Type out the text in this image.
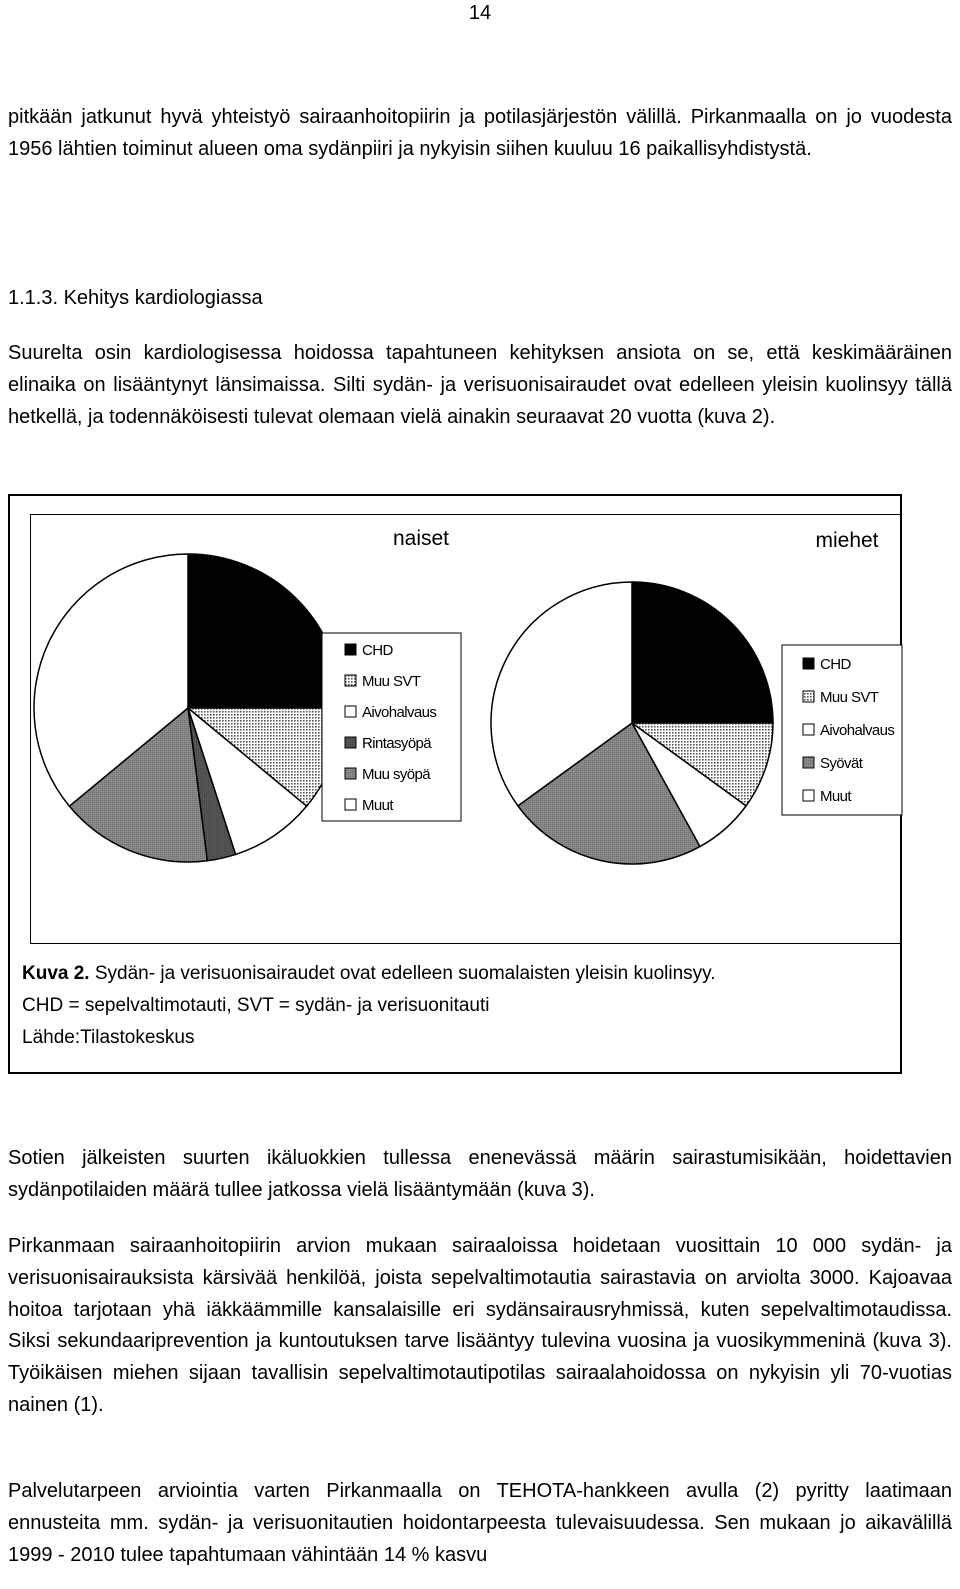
14
pitkään jatkunut hyvä yhteistyö sairaanhoitopiirin ja potilasjärjestön välillä. Pirkanmaalla on jo vuodesta 1956 lähtien toiminut alueen oma sydänpiiri ja nykyisin siihen kuuluu 16 paikallisyhdistystä.
1.1.3. Kehitys kardiologiassa
Suurelta osin kardiologisessa hoidossa tapahtuneen kehityksen ansiota on se, että keskimääräinen elinaika on lisääntynyt länsimaissa. Silti sydän- ja verisuonisairaudet ovat edelleen yleisin kuolinsyy tällä hetkellä, ja todennäköisesti tulevat olemaan vielä ainakin seuraavat 20 vuotta (kuva 2).
naiset	miehet
CHD
Muu SVT
Aivohalvaus
Rintasyöpä
Muu syöpä
Muut
CHD
Muu SVT
Aivohalvaus
Syövät
Muut
Kuva 2. Sydän- ja verisuonisairaudet ovat edelleen suomalaisten yleisin kuolinsyy.
CHD = sepelvaltimotauti, SVT = sydän- ja verisuonitauti
Lähde:Tilastokeskus
Sotien jälkeisten suurten ikäluokkien tullessa enenevässä määrin sairastumisikään, hoidettavien sydänpotilaiden määrä tullee jatkossa vielä lisääntymään (kuva 3).
Pirkanmaan sairaanhoitopiirin arvion mukaan sairaaloissa hoidetaan vuosittain 10 000 sydän- ja verisuonisairauksista kärsivää henkilöä, joista sepelvaltimotautia sairastavia on arviolta 3000. Kajoavaa hoitoa tarjotaan yhä iäkkäämmille kansalaisille eri sydänsairausryhmissä, kuten sepelvaltimotaudissa. Siksi sekundaariprevention ja kuntoutuksen tarve lisääntyy tulevina vuosina ja vuosikymmeninä (kuva 3). Työikäisen miehen sijaan tavallisin sepelvaltimotautipotilas sairaalahoidossa on nykyisin yli 70-vuotias nainen (1).
Palvelutarpeen arviointia varten Pirkanmaalla on TEHOTA-hankkeen avulla (2) pyritty laatimaan ennusteita mm. sydän- ja verisuonitautien hoidontarpeesta tulevaisuudessa. Sen mukaan jo aikavälillä 1999 - 2010 tulee tapahtumaan vähintään 14 % kasvu
